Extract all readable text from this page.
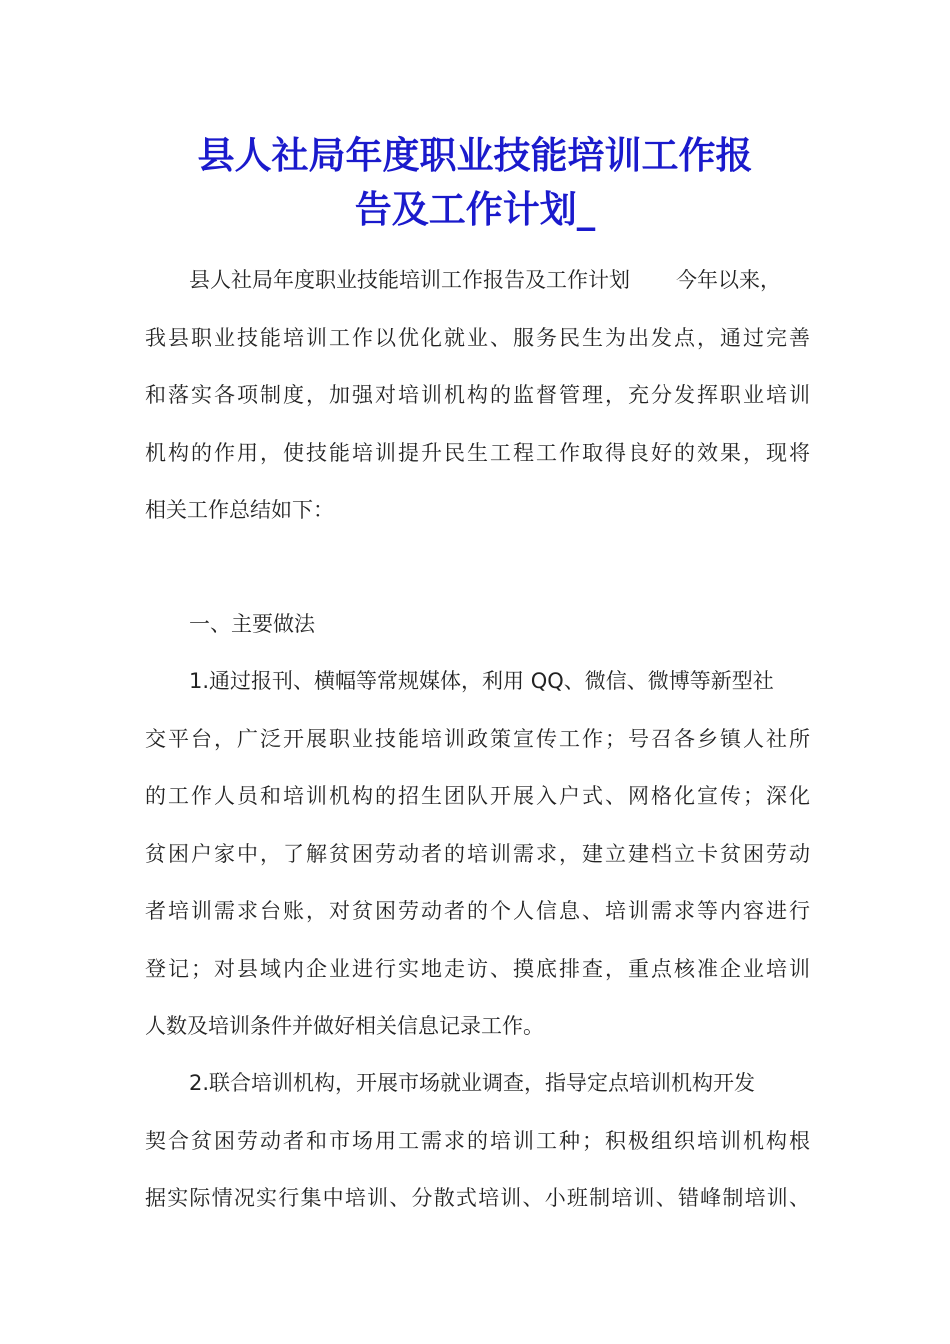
县人社局年度职业技能培训工作报
告及工作计划_
县人社局年度职业技能培训工作报告及工作计划 今年以来，
我县职业技能培训工作以优化就业、服务民生为出发点，通过完善
和落实各项制度，加强对培训机构的监督管理，充分发挥职业培训
机构的作用，使技能培训提升民生工程工作取得良好的效果，现将
相关工作总结如下：
一、主要做法
1.通过报刊、横幅等常规媒体，利用 QQ、微信、微博等新型社
交平台，广泛开展职业技能培训政策宣传工作；号召各乡镇人社所
的工作人员和培训机构的招生团队开展入户式、网格化宣传；深化
贫困户家中，了解贫困劳动者的培训需求，建立建档立卡贫困劳动
者培训需求台账，对贫困劳动者的个人信息、培训需求等内容进行
登记；对县域内企业进行实地走访、摸底排查，重点核准企业培训
人数及培训条件并做好相关信息记录工作。
2.联合培训机构，开展市场就业调查，指导定点培训机构开发
契合贫困劳动者和市场用工需求的培训工种；积极组织培训机构根
据实际情况实行集中培训、分散式培训、小班制培训、错峰制培训、
